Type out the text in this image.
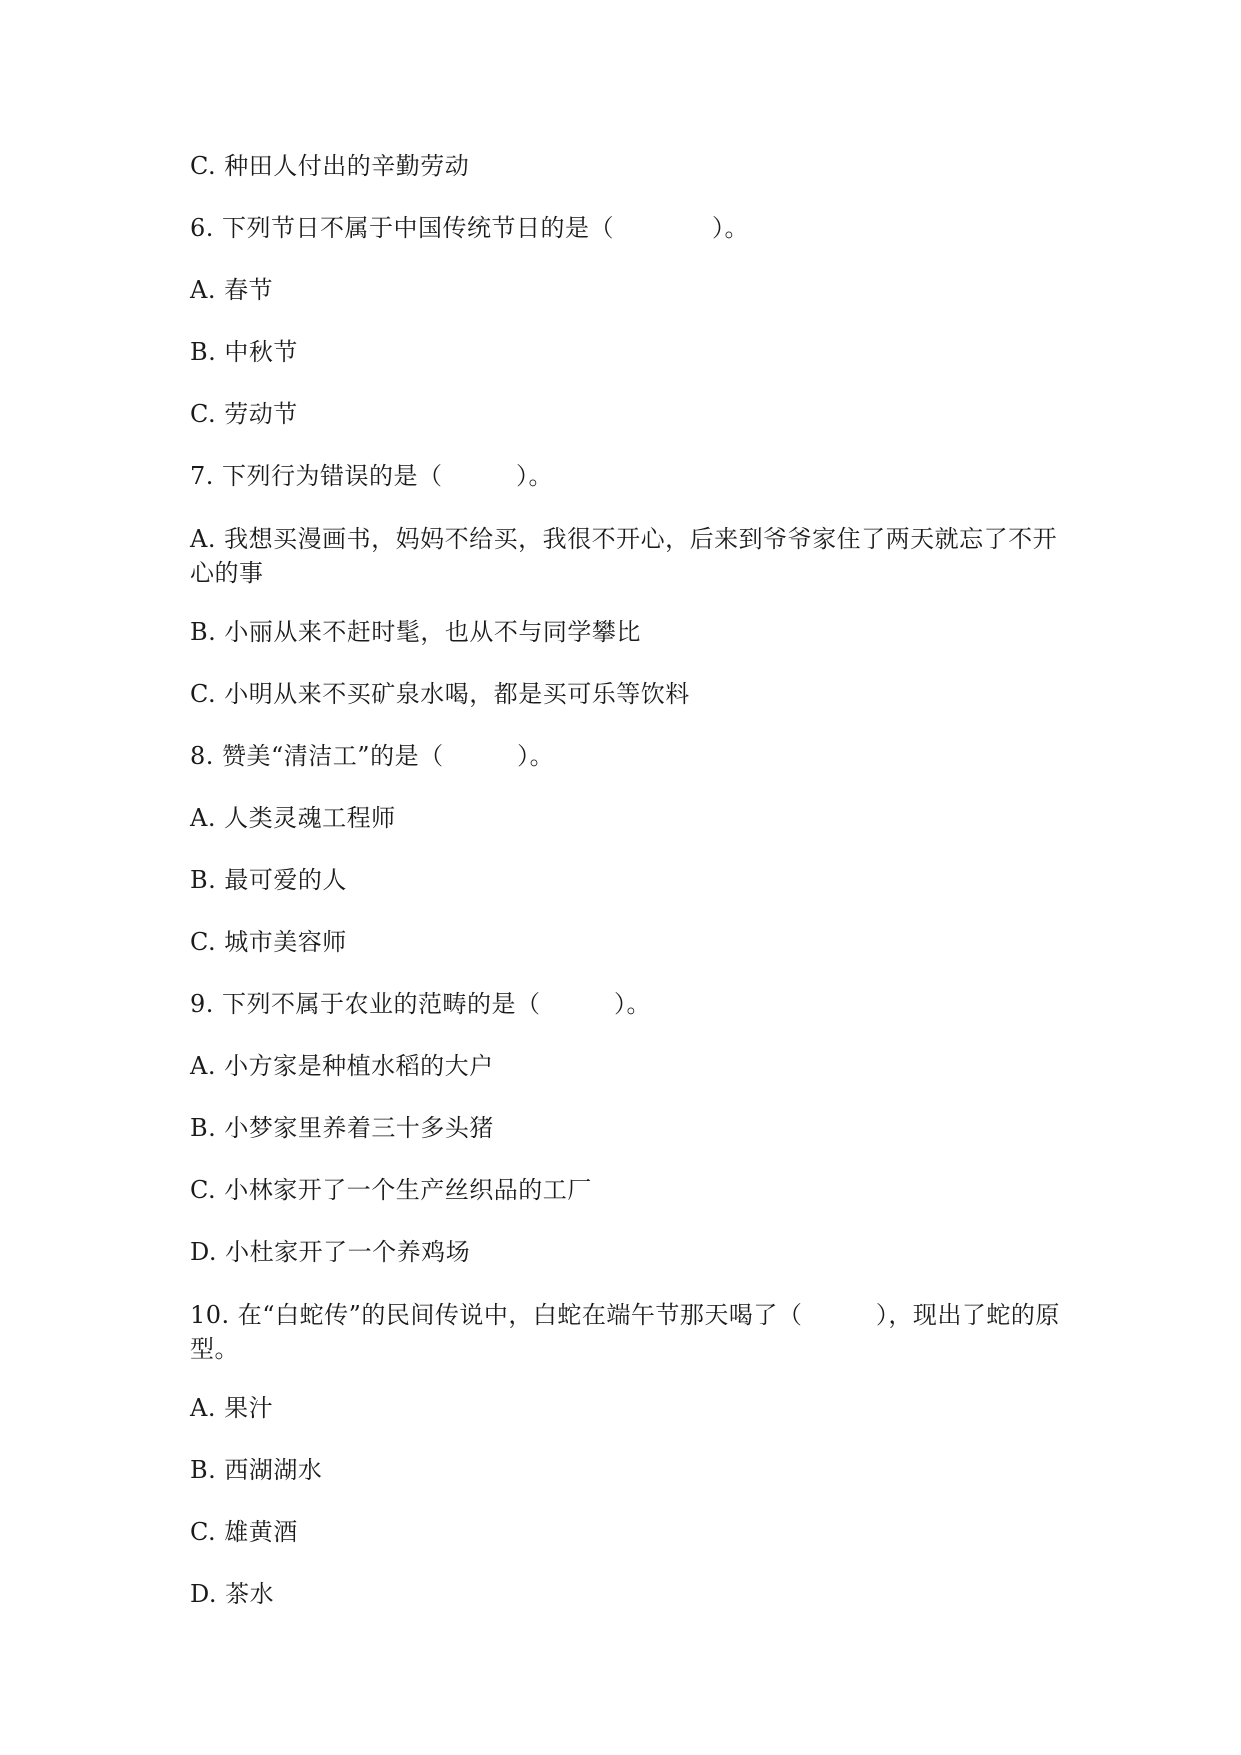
C. 种田人付出的辛勤劳动
6. 下列节日不属于中国传统节日的是（　　　　）。
A. 春节
B. 中秋节
C. 劳动节
7. 下列行为错误的是（　　　）。
A. 我想买漫画书，妈妈不给买，我很不开心，后来到爷爷家住了两天就忘了不开心的事
B. 小丽从来不赶时髦，也从不与同学攀比
C. 小明从来不买矿泉水喝，都是买可乐等饮料
8. 赞美“清洁工”的是（　　　）。
A. 人类灵魂工程师
B. 最可爱的人
C. 城市美容师
9. 下列不属于农业的范畴的是（　　　）。
A. 小方家是种植水稻的大户
B. 小梦家里养着三十多头猪
C. 小林家开了一个生产丝织品的工厂
D. 小杜家开了一个养鸡场
10. 在“白蛇传”的民间传说中，白蛇在端午节那天喝了（　　　），现出了蛇的原型。
A. 果汁
B. 西湖湖水
C. 雄黄酒
D. 茶水
